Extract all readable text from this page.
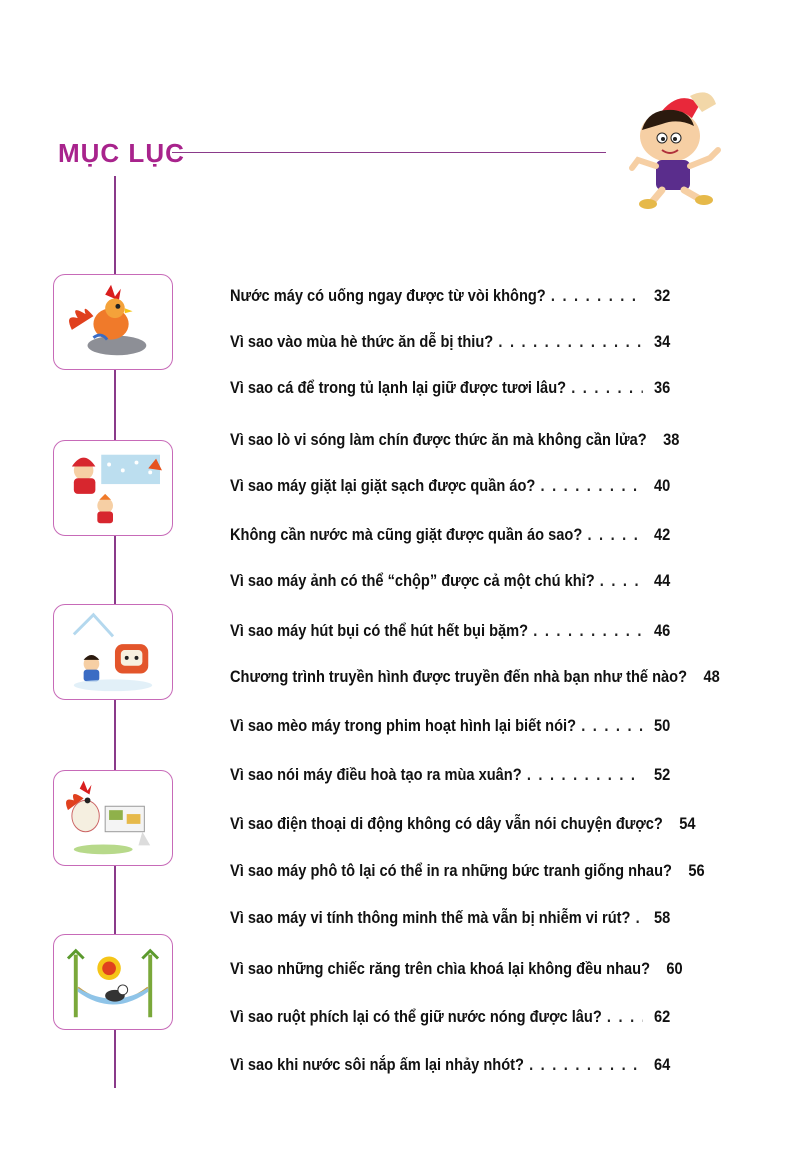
MỤC LỤC
Nước máy có uống ngay được từ vòi không? . . .	32
Vì sao vào mùa hè thức ăn dễ bị thiu? . . .	34
Vì sao cá để trong tủ lạnh lại giữ được tươi lâu? . . .	36
Vì sao lò vi sóng làm chín được thức ăn mà không cần lửa? 38
Vì sao máy giặt lại giặt sạch được quần áo? . . .	40
Không cần nước mà cũng giặt được quần áo sao? . . .	42
Vì sao máy ảnh có thể “chộp” được cả một chú khỉ? . . .	44
Vì sao máy hút bụi có thể hút hết bụi bặm? . . .	46
Chương trình truyền hình được truyền đến nhà bạn như thế nào? 48
Vì sao mèo máy trong phim hoạt hình lại biết nói? . . .	50
Vì sao nói máy điều hoà tạo ra mùa xuân? . . .	52
Vì sao điện thoại di động không có dây vẫn nói chuyện được? 54
Vì sao máy phô tô lại có thể in ra những bức tranh giống nhau? 56
Vì sao máy vi tính thông minh thế mà vẫn bị nhiễm vi rút? . . .	58
Vì sao những chiếc răng trên chìa khoá lại không đều nhau? 60
Vì sao ruột phích lại có thể giữ nước nóng được lâu? . . .	62
Vì sao khi nước sôi nắp ấm lại nhảy nhót? . . .	64
